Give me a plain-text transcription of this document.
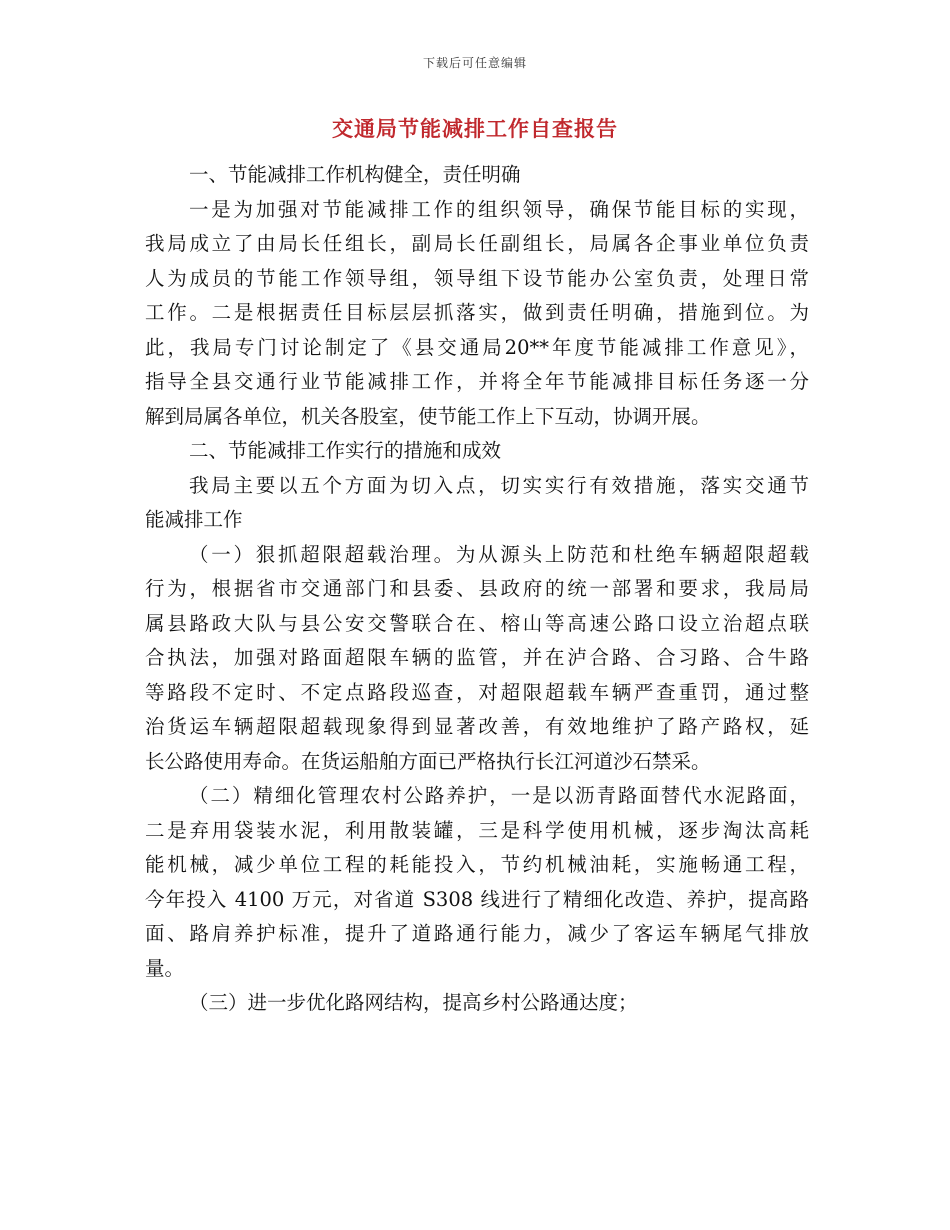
下载后可任意编辑
交通局节能减排工作自查报告
一、节能减排工作机构健全，责任明确
一是为加强对节能减排工作的组织领导，确保节能目标的实现，
我局成立了由局长任组长，副局长任副组长，局属各企事业单位负责
人为成员的节能工作领导组，领导组下设节能办公室负责，处理日常
工作。二是根据责任目标层层抓落实，做到责任明确，措施到位。为
此，我局专门讨论制定了《县交通局20**年度节能减排工作意见》，
指导全县交通行业节能减排工作，并将全年节能减排目标任务逐一分
解到局属各单位，机关各股室，使节能工作上下互动，协调开展。
二、节能减排工作实行的措施和成效
我局主要以五个方面为切入点，切实实行有效措施，落实交通节
能减排工作
（一）狠抓超限超载治理。为从源头上防范和杜绝车辆超限超载
行为，根据省市交通部门和县委、县政府的统一部署和要求，我局局
属县路政大队与县公安交警联合在、榕山等高速公路口设立治超点联
合执法，加强对路面超限车辆的监管，并在泸合路、合习路、合牛路
等路段不定时、不定点路段巡查，对超限超载车辆严查重罚，通过整
治货运车辆超限超载现象得到显著改善，有效地维护了路产路权，延
长公路使用寿命。在货运船舶方面已严格执行长江河道沙石禁采。
（二）精细化管理农村公路养护，一是以沥青路面替代水泥路面，
二是弃用袋装水泥，利用散装罐，三是科学使用机械，逐步淘汰高耗
能机械，减少单位工程的耗能投入，节约机械油耗，实施畅通工程，
今年投入 4100 万元，对省道 S308 线进行了精细化改造、养护，提高路
面、路肩养护标准，提升了道路通行能力，减少了客运车辆尾气排放
量。
（三）进一步优化路网结构，提高乡村公路通达度；
